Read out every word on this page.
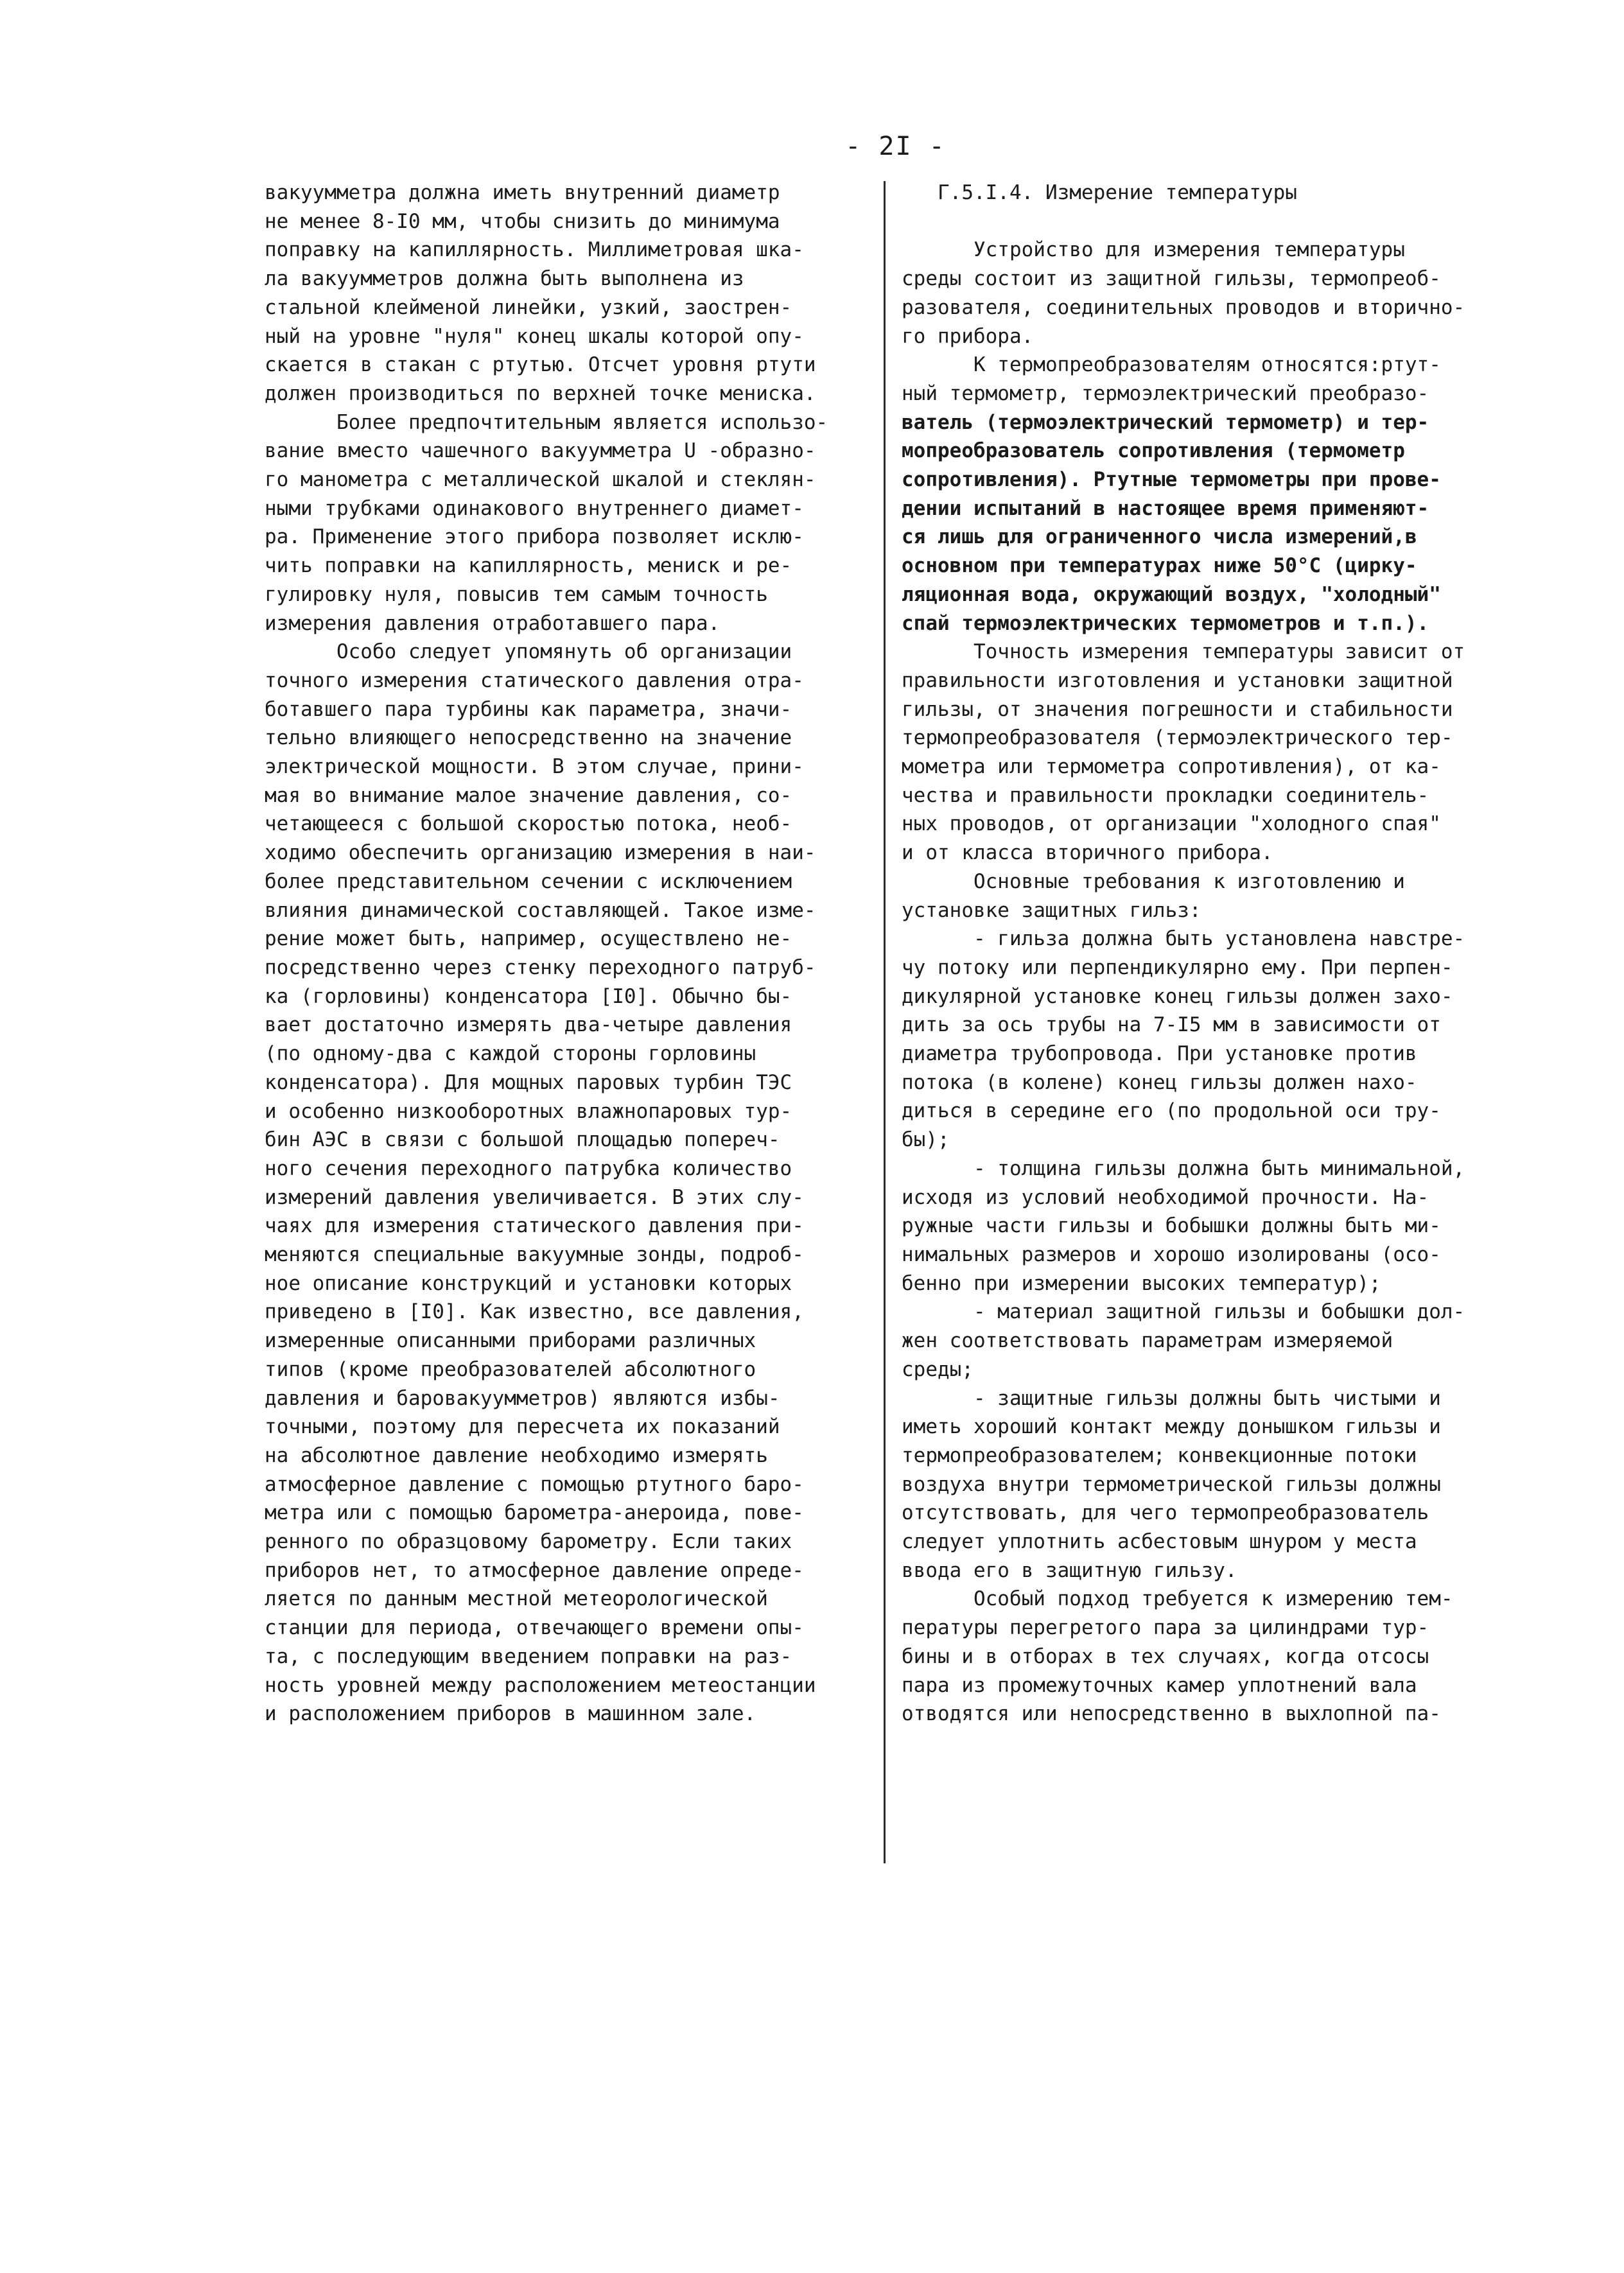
- 2I -
вакуумметра должна иметь внутренний диаметр
не менее 8-I0 мм, чтобы снизить до минимума
поправку на капиллярность. Миллиметровая шка-
ла вакуумметров должна быть выполнена из
стальной клейменой линейки, узкий, заострен-
ный на уровне "нуля" конец шкалы которой опу-
скается в стакан с ртутью. Отсчет уровня ртути
должен производиться по верхней точке мениска.
Более предпочтительным является использо-
вание вместо чашечного вакуумметра U -образно-
го манометра с металлической шкалой и стеклян-
ными трубками одинакового внутреннего диамет-
ра. Применение этого прибора позволяет исклю-
чить поправки на капиллярность, мениск и ре-
гулировку нуля, повысив тем самым точность
измерения давления отработавшего пара.
Особо следует упомянуть об организации
точного измерения статического давления отра-
ботавшего пара турбины как параметра, значи-
тельно влияющего непосредственно на значение
электрической мощности. В этом случае, прини-
мая во внимание малое значение давления, со-
четающееся с большой скоростью потока, необ-
ходимо обеспечить организацию измерения в наи-
более представительном сечении с исключением
влияния динамической составляющей. Такое изме-
рение может быть, например, осуществлено не-
посредственно через стенку переходного патруб-
ка (горловины) конденсатора [I0]. Обычно бы-
вает достаточно измерять два-четыре давления
(по одному-два с каждой стороны горловины
конденсатора). Для мощных паровых турбин ТЭС
и особенно низкооборотных влажнопаровых тур-
бин АЭС в связи с большой площадью попереч-
ного сечения переходного патрубка количество
измерений давления увеличивается. В этих слу-
чаях для измерения статического давления при-
меняются специальные вакуумные зонды, подроб-
ное описание конструкций и установки которых
приведено в [I0]. Как известно, все давления,
измеренные описанными приборами различных
типов (кроме преобразователей абсолютного
давления и баровакуумметров) являются избы-
точными, поэтому для пересчета их показаний
на абсолютное давление необходимо измерять
атмосферное давление с помощью ртутного баро-
метра или с помощью барометра-анероида, пове-
ренного по образцовому барометру. Если таких
приборов нет, то атмосферное давление опреде-
ляется по данным местной метеорологической
станции для периода, отвечающего времени опы-
та, с последующим введением поправки на раз-
ность уровней между расположением метеостанции
и расположением приборов в машинном зале.
Г.5.I.4. Измерение температуры
Устройство для измерения температуры
среды состоит из защитной гильзы, термопреоб-
разователя, соединительных проводов и вторично-
го прибора.
К термопреобразователям относятся:ртут-
ный термометр, термоэлектрический преобразо-
ватель (термоэлектрический термометр) и тер-
мопреобразователь сопротивления (термометр
сопротивления). Ртутные термометры при прове-
дении испытаний в настоящее время применяют-
ся лишь для ограниченного числа измерений,в
основном при температурах ниже 50°С (цирку-
ляционная вода, окружающий воздух, "холодный"
спай термоэлектрических термометров и т.п.).
Точность измерения температуры зависит от
правильности изготовления и установки защитной
гильзы, от значения погрешности и стабильности
термопреобразователя (термоэлектрического тер-
мометра или термометра сопротивления), от ка-
чества и правильности прокладки соединитель-
ных проводов, от организации "холодного спая"
и от класса вторичного прибора.
Основные требования к изготовлению и
установке защитных гильз:
- гильза должна быть установлена навстре-
чу потоку или перпендикулярно ему. При перпен-
дикулярной установке конец гильзы должен захо-
дить за ось трубы на 7-I5 мм в зависимости от
диаметра трубопровода. При установке против
потока (в колене) конец гильзы должен нахо-
диться в середине его (по продольной оси тру-
бы);
- толщина гильзы должна быть минимальной,
исходя из условий необходимой прочности. На-
ружные части гильзы и бобышки должны быть ми-
нимальных размеров и хорошо изолированы (осо-
бенно при измерении высоких температур);
- материал защитной гильзы и бобышки дол-
жен соответствовать параметрам измеряемой
среды;
- защитные гильзы должны быть чистыми и
иметь хороший контакт между донышком гильзы и
термопреобразователем; конвекционные потоки
воздуха внутри термометрической гильзы должны
отсутствовать, для чего термопреобразователь
следует уплотнить асбестовым шнуром у места
ввода его в защитную гильзу.
Особый подход требуется к измерению тем-
пературы перегретого пара за цилиндрами тур-
бины и в отборах в тех случаях, когда отсосы
пара из промежуточных камер уплотнений вала
отводятся или непосредственно в выхлопной па-
